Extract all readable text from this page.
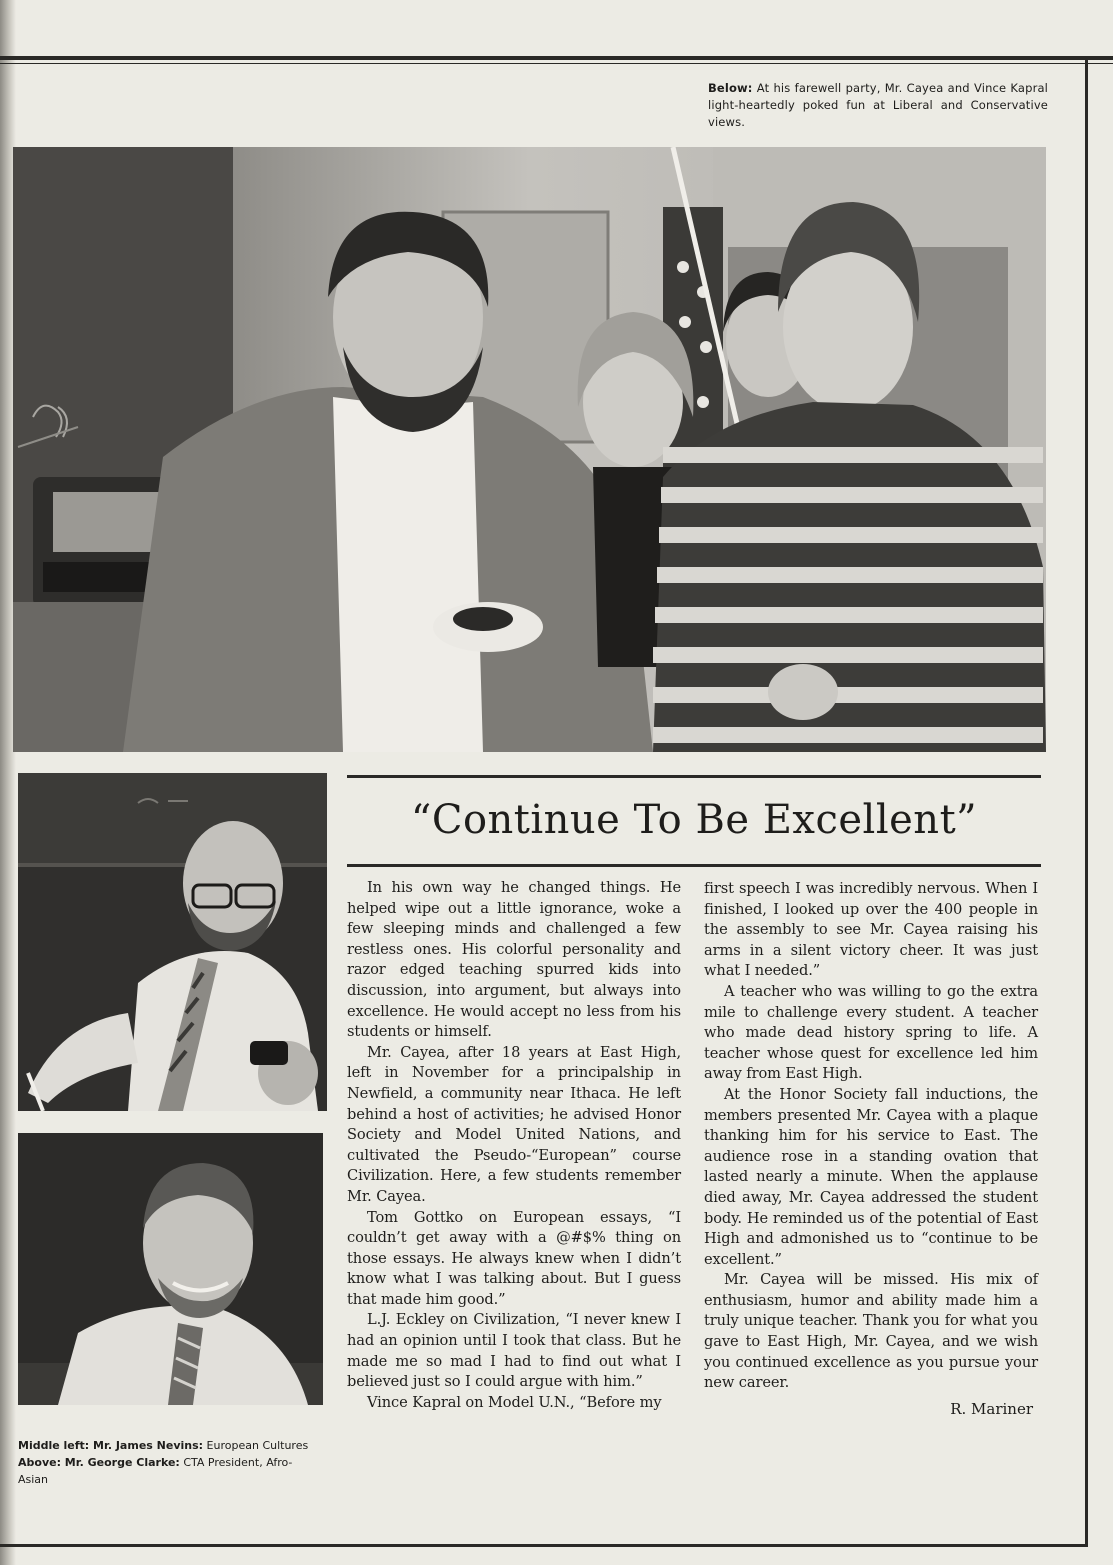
Below: At his farewell party, Mr. Cayea and Vince Kapral light-heartedly poked fun at Liberal and Conservative views.
“Continue To Be Excellent”

In his own way he changed things. He helped wipe out a little ignorance, woke a few sleeping minds and challenged a few restless ones. His colorful personality and razor edged teaching spurred kids into discussion, into argument, but always into excellence. He would accept no less from his students or himself.

Mr. Cayea, after 18 years at East High, left in November for a principalship in Newfield, a community near Ithaca. He left behind a host of activities; he advised Honor Society and Model United Nations, and cultivated the Pseudo-“European” course Civilization. Here, a few students remember Mr. Cayea.

Tom Gottko on European essays, “I couldn’t get away with a @#$% thing on those essays. He always knew when I didn’t know what I was talking about. But I guess that made him good.”

L.J. Eckley on Civilization, “I never knew I had an opinion until I took that class. But he made me so mad I had to find out what I believed just so I could argue with him.”

Vince Kapral on Model U.N., “Before my

first speech I was incredibly nervous. When I finished, I looked up over the 400 people in the assembly to see Mr. Cayea raising his arms in a silent victory cheer. It was just what I needed.”

A teacher who was willing to go the extra mile to challenge every student. A teacher who made dead history spring to life. A teacher whose quest for excellence led him away from East High.

At the Honor Society fall inductions, the members presented Mr. Cayea with a plaque thanking him for his service to East. The audience rose in a standing ovation that lasted nearly a minute. When the applause died away, Mr. Cayea addressed the student body. He reminded us of the potential of East High and admonished us to “continue to be excellent.”

Mr. Cayea will be missed. His mix of enthusiasm, humor and ability made him a truly unique teacher. Thank you for what you gave to East High, Mr. Cayea, and we wish you continued excellence as you pursue your new career.

R. Mariner
Middle left: Mr. James Nevins: European Cultures
Above: Mr. George Clarke: CTA President, Afro-
Asian
